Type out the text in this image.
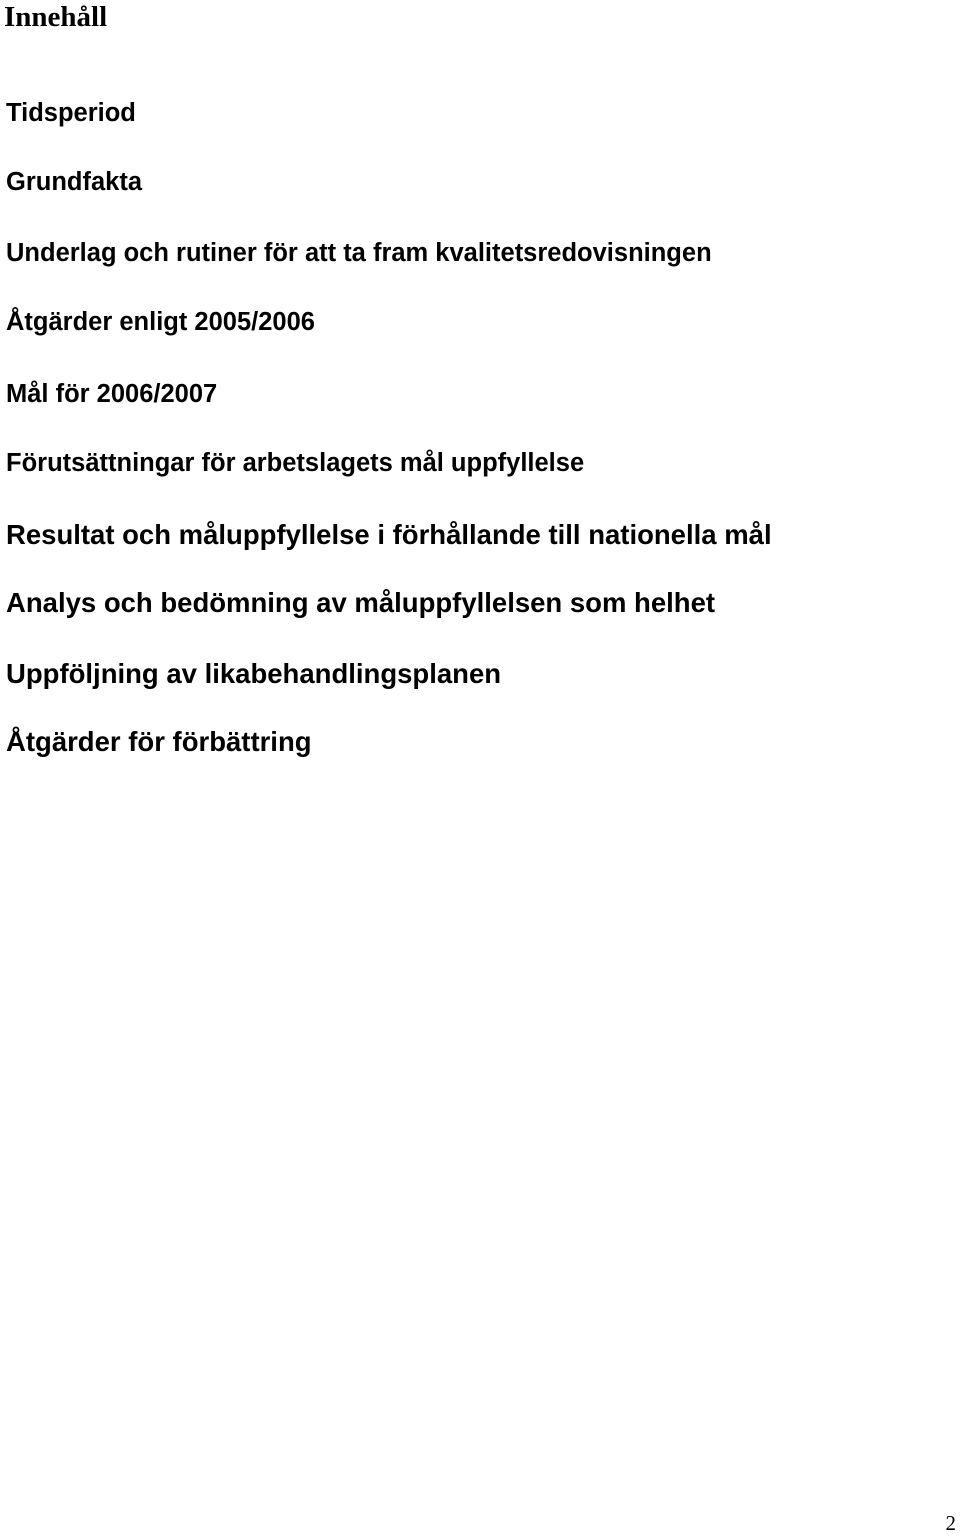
Innehåll
Tidsperiod
Grundfakta
Underlag och rutiner för att ta fram kvalitetsredovisningen
Åtgärder enligt 2005/2006
Mål för 2006/2007
Förutsättningar för arbetslagets mål uppfyllelse
Resultat och måluppfyllelse i förhållande till nationella mål
Analys och bedömning av måluppfyllelsen som helhet
Uppföljning av likabehandlingsplanen
Åtgärder för förbättring
2
